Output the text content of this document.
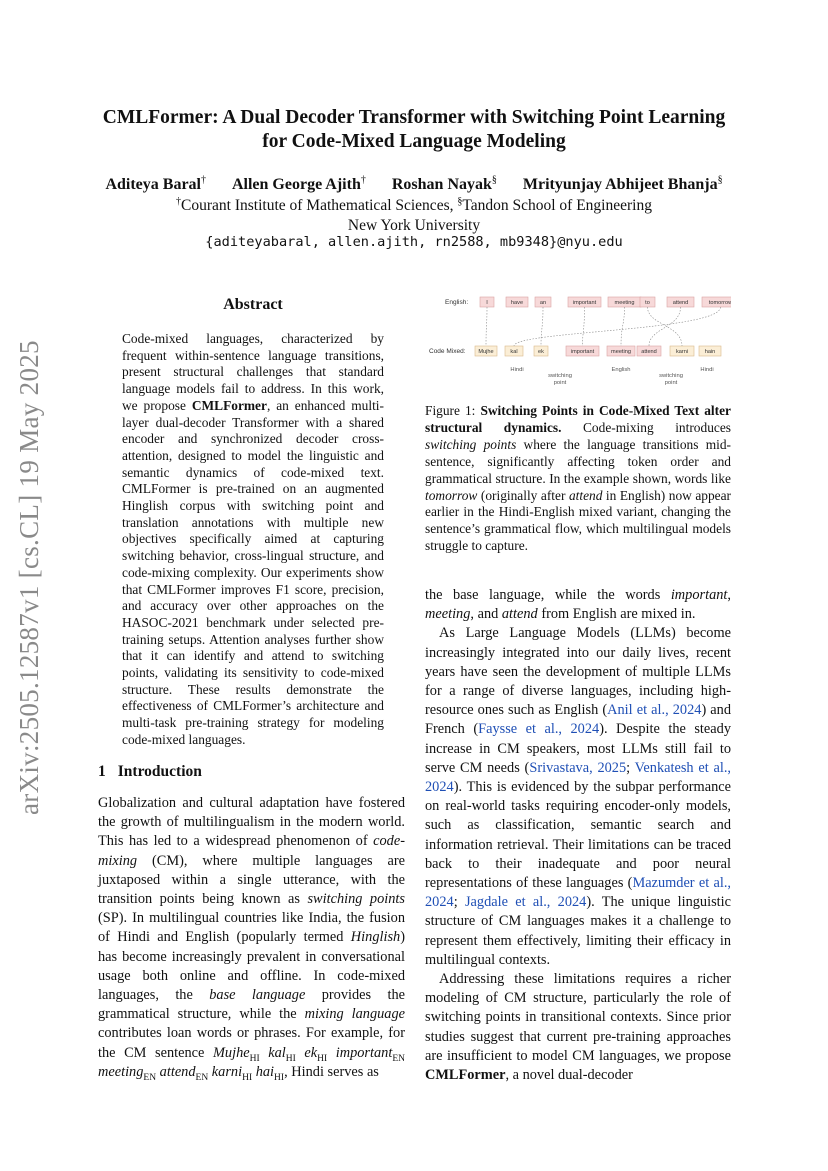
arXiv:2505.12587v1 [cs.CL] 19 May 2025
CMLFormer: A Dual Decoder Transformer with Switching Point Learning
for Code-Mixed Language Modeling
Aditeya Baral† Allen George Ajith† Roshan Nayak§ Mrityunjay Abhijeet Bhanja§
†Courant Institute of Mathematical Sciences, §Tandon School of Engineering
New York University
{aditeyabaral, allen.ajith, rn2588, mb9348}@nyu.edu
Abstract
Code-mixed languages, characterized by frequent within-sentence language transitions, present structural challenges that standard language models fail to address. In this work, we propose CMLFormer, an enhanced multi-layer dual-decoder Transformer with a shared encoder and synchronized decoder cross-attention, designed to model the linguistic and semantic dynamics of code-mixed text. CMLFormer is pre-trained on an augmented Hinglish corpus with switching point and translation annotations with multiple new objectives specifically aimed at capturing switching behavior, cross-lingual structure, and code-mixing complexity. Our experiments show that CMLFormer improves F1 score, precision, and accuracy over other approaches on the HASOC-2021 benchmark under selected pre-training setups. Attention analyses further show that it can identify and attend to switching points, validating its sensitivity to code-mixed structure. These results demonstrate the effectiveness of CMLFormer’s architecture and multi-task pre-training strategy for modeling code-mixed languages.
1 Introduction

Globalization and cultural adaptation have fostered the growth of multilingualism in the modern world. This has led to a widespread phenomenon of code-mixing (CM), where multiple languages are juxtaposed within a single utterance, with the transition points being known as switching points (SP). In multilingual countries like India, the fusion of Hindi and English (popularly termed Hinglish) has become increasingly prevalent in conversational usage both online and offline. In code-mixed languages, the base language provides the grammatical structure, while the mixing language contributes loan words or phrases. For example, for the CM sentence Mujhe$_{HI}$ kal$_{HI}$ $ek_{HI}$ important$_{EN}$ meeting$_{EN}$ attend$_{EN}$ karni$_{HI}$ hai$_{HI}$, Hindi serves as

English:
Code Mixed:
I	have	an	important	meeting to	attend	tomorrow
Mujhe	kal	ek	important	meeting attend	karni	hain
Hindi
switching
point
English
switching
point
Hindi
Figure 1: Switching Points in Code-Mixed Text alter structural dynamics. Code-mixing introduces switching points where the language transitions mid-sentence, significantly affecting token order and grammatical structure. In the example shown, words like tomorrow (originally after attend in English) now appear earlier in the Hindi-English mixed variant, changing the sentence’s grammatical flow, which multilingual models struggle to capture.

the base language, while the words important, meeting, and attend from English are mixed in.

As Large Language Models (LLMs) become increasingly integrated into our daily lives, recent years have seen the development of multiple LLMs for a range of diverse languages, including high-resource ones such as English (Anil et al., 2024) and French (Faysse et al., 2024). Despite the steady increase in CM speakers, most LLMs still fail to serve CM needs (Srivastava, 2025; Venkatesh et al., 2024). This is evidenced by the subpar performance on real-world tasks requiring encoder-only models, such as classification, semantic search and information retrieval. Their limitations can be traced back to their inadequate and poor neural representations of these languages (Mazumder et al., 2024; Jagdale et al., 2024). The unique linguistic structure of CM languages makes it a challenge to represent them effectively, limiting their efficacy in multilingual contexts.

Addressing these limitations requires a richer modeling of CM structure, particularly the role of switching points in transitional contexts. Since prior studies suggest that current pre-training approaches are insufficient to model CM languages, we propose CMLFormer, a novel dual-decoder
